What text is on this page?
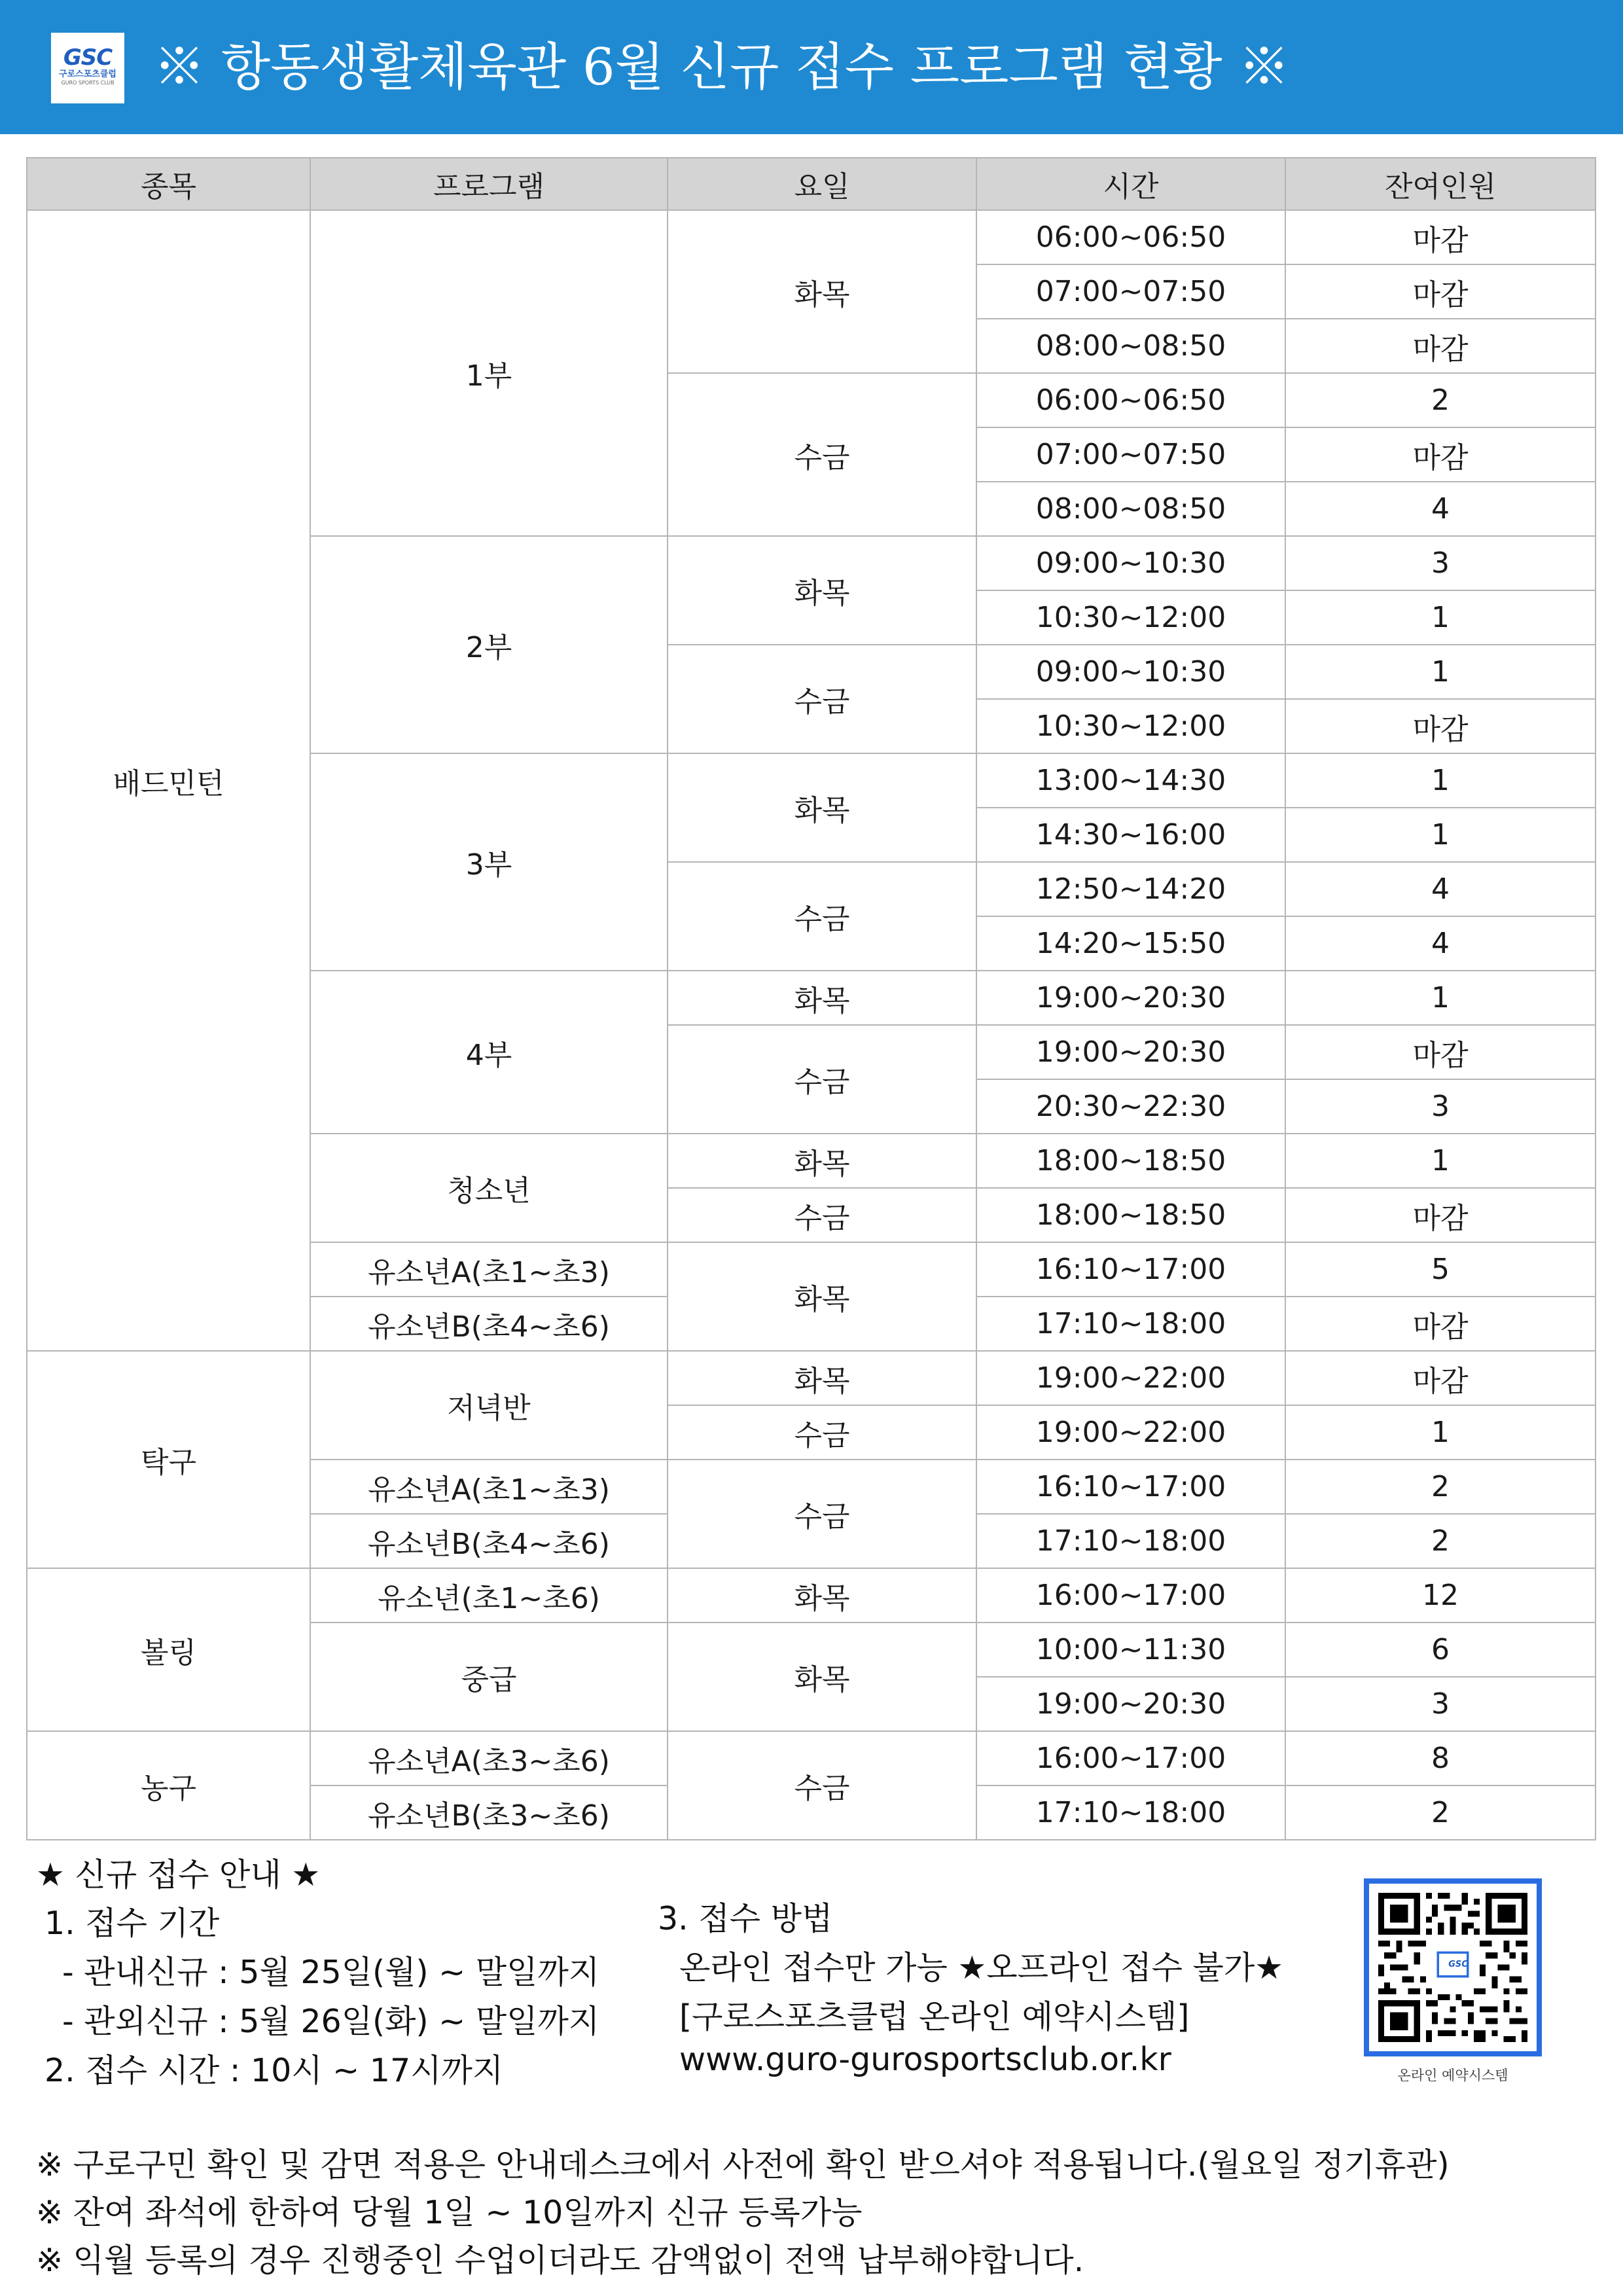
GSC
구로스포츠클럽
GURO SPORTS CLUB ※ 항동생활체육관 6월 신규 접수 프로그램 현황 ※
종목	프로그램	요일	시간	잔여인원
배드민턴	1부	화목	06:00~06:50	마감
			07:00~07:50	마감
			08:00~08:50	마감
		수금	06:00~06:50	2
			07:00~07:50	마감
			08:00~08:50	4
	2부	화목	09:00~10:30	3
			10:30~12:00	1
		수금	09:00~10:30	1
			10:30~12:00	마감
	3부	화목	13:00~14:30	1
			14:30~16:00	1
		수금	12:50~14:20	4
			14:20~15:50	4
	4부	화목	19:00~20:30	1
		수금	19:00~20:30	마감
			20:30~22:30	3
	청소년	화목	18:00~18:50	1
		수금	18:00~18:50	마감
	유소년A(초1~초3)	화목	16:10~17:00	5
	유소년B(초4~초6)		17:10~18:00	마감
탁구	저녁반	화목	19:00~22:00	마감
		수금	19:00~22:00	1
	유소년A(초1~초3)	수금	16:10~17:00	2
	유소년B(초4~초6)		17:10~18:00	2
볼링	유소년(초1~초6)	화목	16:00~17:00	12
	중급	화목	10:00~11:30	6
			19:00~20:30	3
농구	유소년A(초3~초6)	수금	16:00~17:00	8
	유소년B(초3~초6)		17:10~18:00	2
★ 신규 접수 안내 ★
1. 접수 기간
- 관내신규 : 5월 25일(월) ~ 말일까지
- 관외신규 : 5월 26일(화) ~ 말일까지
2. 접수 시간 : 10시 ~ 17시까지
3. 접수 방법
온라인 접수만 가능 ★오프라인 접수 불가★
[구로스포츠클럽 온라인 예약시스템]
www.guro-gurosportsclub.or.kr
※ 구로구민 확인 및 감면 적용은 안내데스크에서 사전에 확인 받으셔야 적용됩니다.(월요일 정기휴관)
※ 잔여 좌석에 한하여 당월 1일 ~ 10일까지 신규 등록가능
※ 익월 등록의 경우 진행중인 수업이더라도 감액없이 전액 납부해야합니다.
GSC
온라인 예약시스템
